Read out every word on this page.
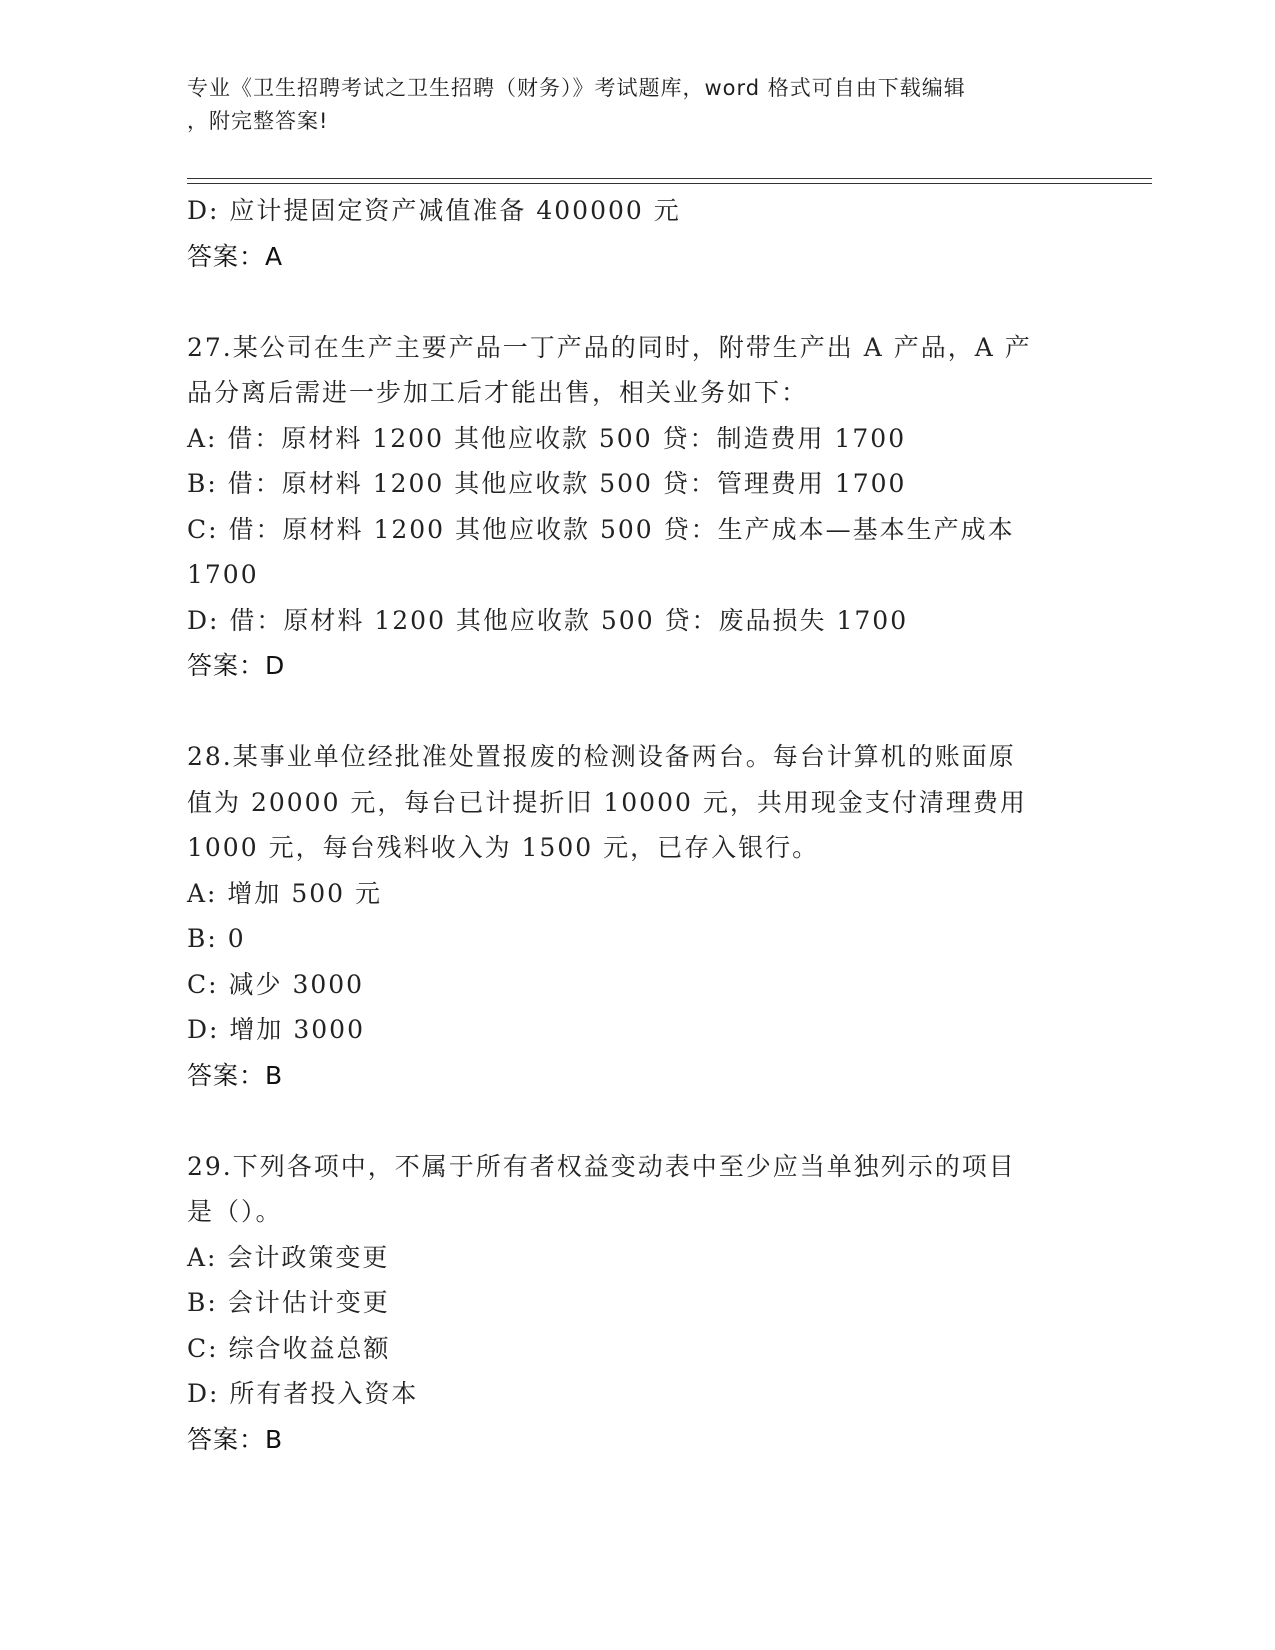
专业《卫生招聘考试之卫生招聘（财务）》考试题库，word 格式可自由下载编辑
，附完整答案!
D: 应计提固定资产减值准备 400000 元
答案：A
27.某公司在生产主要产品一丁产品的同时，附带生产出 A 产品，A 产
品分离后需进一步加工后才能出售，相关业务如下：
A: 借：原材料 1200 其他应收款 500 贷：制造费用 1700
B: 借：原材料 1200 其他应收款 500 贷：管理费用 1700
C: 借：原材料 1200 其他应收款 500 贷：生产成本—基本生产成本
1700
D: 借：原材料 1200 其他应收款 500 贷：废品损失 1700
答案：D
28.某事业单位经批准处置报废的检测设备两台。每台计算机的账面原
值为 20000 元，每台已计提折旧 10000 元，共用现金支付清理费用
1000 元，每台残料收入为 1500 元，已存入银行。
A: 增加 500 元
B: 0
C: 减少 3000
D: 增加 3000
答案：B
29.下列各项中，不属于所有者权益变动表中至少应当单独列示的项目
是（）。
A: 会计政策变更
B: 会计估计变更
C: 综合收益总额
D: 所有者投入资本
答案：B
